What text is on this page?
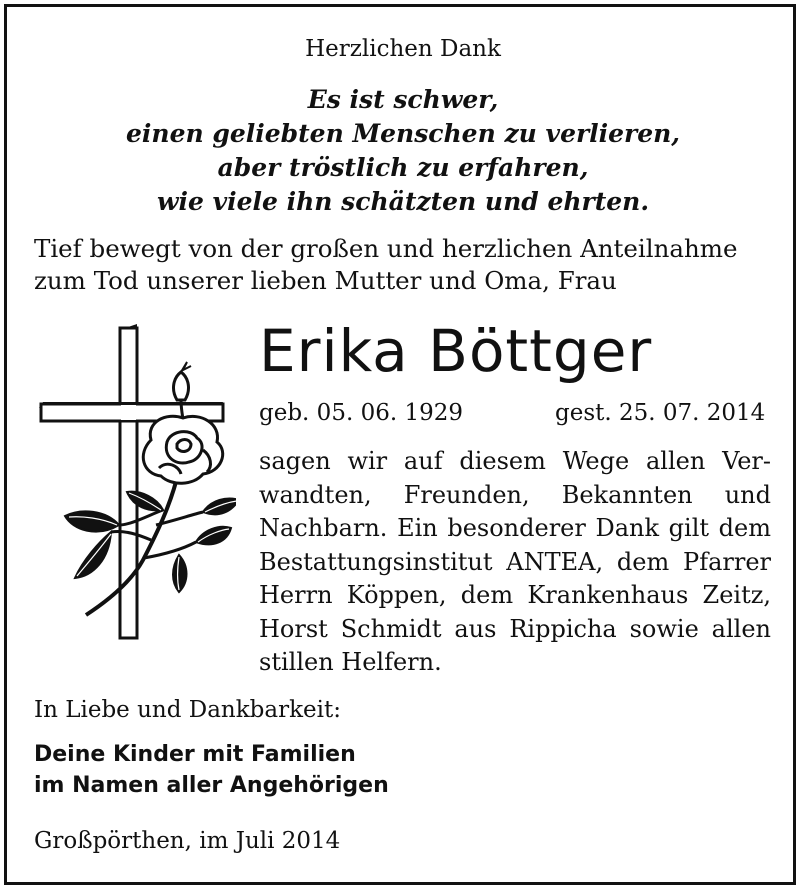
Herzlichen Dank

Es ist schwer,
einen geliebten Menschen zu verlieren,
aber tröstlich zu erfahren,
wie viele ihn schätzten und ehrten.
Tief bewegt von der großen und herzlichen Anteilnahme
zum Tod unserer lieben Mutter und Oma, Frau

Erika Böttger

geb. 05. 06. 1929	gest. 25. 07. 2014

sagen wir auf diesem Wege allen Ver-
wandten, Freunden, Bekannten und
Nachbarn. Ein besonderer Dank gilt dem
Bestattungsinstitut ANTEA, dem Pfarrer
Herrn Köppen, dem Krankenhaus Zeitz,
Horst Schmidt aus Rippicha sowie allen
stillen Helfern.

In Liebe und Dankbarkeit:

Deine Kinder mit Familien
im Namen aller Angehörigen

Großpörthen, im Juli 2014
